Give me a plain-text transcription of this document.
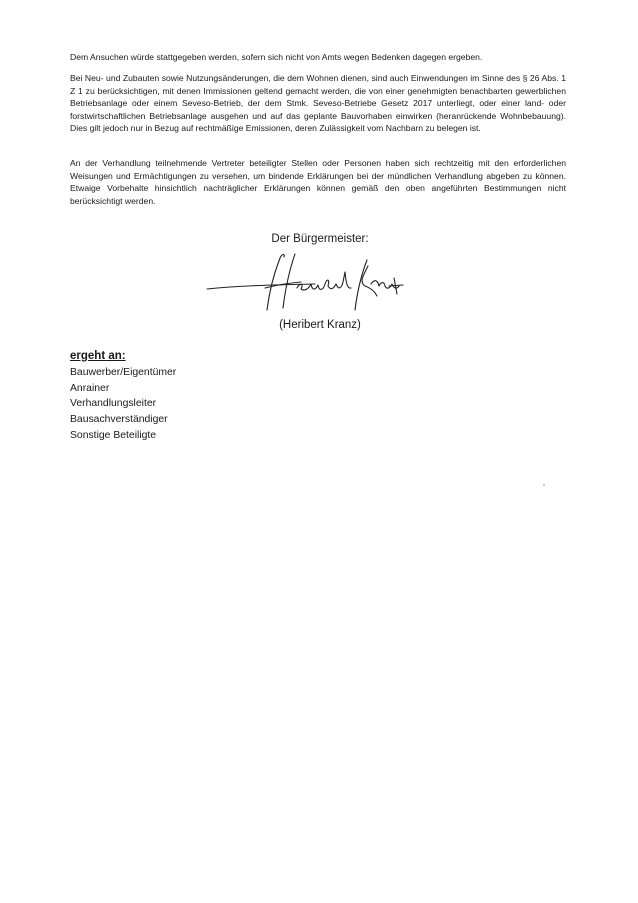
Dem Ansuchen würde stattgegeben werden, sofern sich nicht von Amts wegen Bedenken dagegen ergeben.

Bei Neu- und Zubauten sowie Nutzungsänderungen, die dem Wohnen dienen, sind auch Einwendungen im Sinne des § 26 Abs. 1 Z 1 zu berücksichtigen, mit denen Immissionen geltend gemacht werden, die von einer genehmigten benachbarten gewerblichen Betriebsanlage oder einem Seveso-Betrieb, der dem Stmk. Seveso-Betriebe Gesetz 2017 unterliegt, oder einer land- oder forstwirtschaftlichen Betriebsanlage ausgehen und auf das geplante Bauvorhaben einwirken (heranrückende Wohnbebauung). Dies gilt jedoch nur in Bezug auf rechtmäßige Emissionen, deren Zulässigkeit vom Nachbarn zu belegen ist.

An der Verhandlung teilnehmende Vertreter beteiligter Stellen oder Personen haben sich rechtzeitig mit den erforderlichen Weisungen und Ermächtigungen zu versehen, um bindende Erklärungen bei der mündlichen Verhandlung abgeben zu können. Etwaige Vorbehalte hinsichtlich nachträglicher Erklärungen können gemäß den oben angeführten Bestimmungen nicht berücksichtigt werden.

Der Bürgermeister:
(Heribert Kranz)
ergeht an:
Bauwerber/Eigentümer
Anrainer
Verhandlungsleiter
Bausachverständiger
Sonstige Beteiligte
